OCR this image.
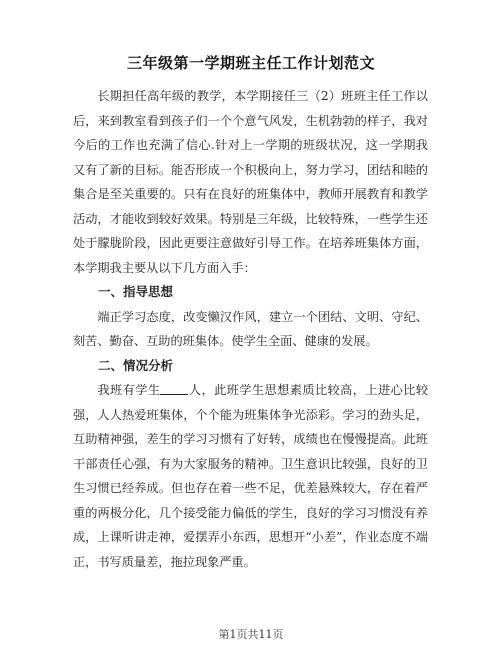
三年级第一学期班主任工作计划范文

长期担任高年级的教学，本学期接任三（2）班班主任工作以后，来到教室看到孩子们一个个意气风发，生机勃勃的样子，我对今后的工作也充满了信心.针对上一学期的班级状况，这一学期我又有了新的目标。能否形成一个积极向上，努力学习，团结和睦的集合是至关重要的。只有在良好的班集体中，教师开展教育和教学活动，才能收到较好效果。特别是三年级，比较特殊，一些学生还处于朦胧阶段，因此更要注意做好引导工作。在培养班集体方面，本学期我主要从以下几方面入手：

一、指导思想

端正学习态度，改变懒汉作风，建立一个团结、文明、守纪、刻苦、勤奋、互助的班集体。使学生全面、健康的发展。

二、情况分析

我班有学生 人，此班学生思想素质比较高，上进心比较强，人人热爱班集体，个个能为班集体争光添彩。学习的劲头足，互助精神强，差生的学习习惯有了好转，成绩也在慢慢提高。此班干部责任心强，有为大家服务的精神。卫生意识比较强，良好的卫生习惯已经养成。但也存在着一些不足，优差悬殊较大，存在着严重的两极分化，几个接受能力偏低的学生，良好的学习习惯没有养成，上课听讲走神，爱摆弄小东西，思想开“小差”，作业态度不端正，书写质量差，拖拉现象严重。

第1页共11页
